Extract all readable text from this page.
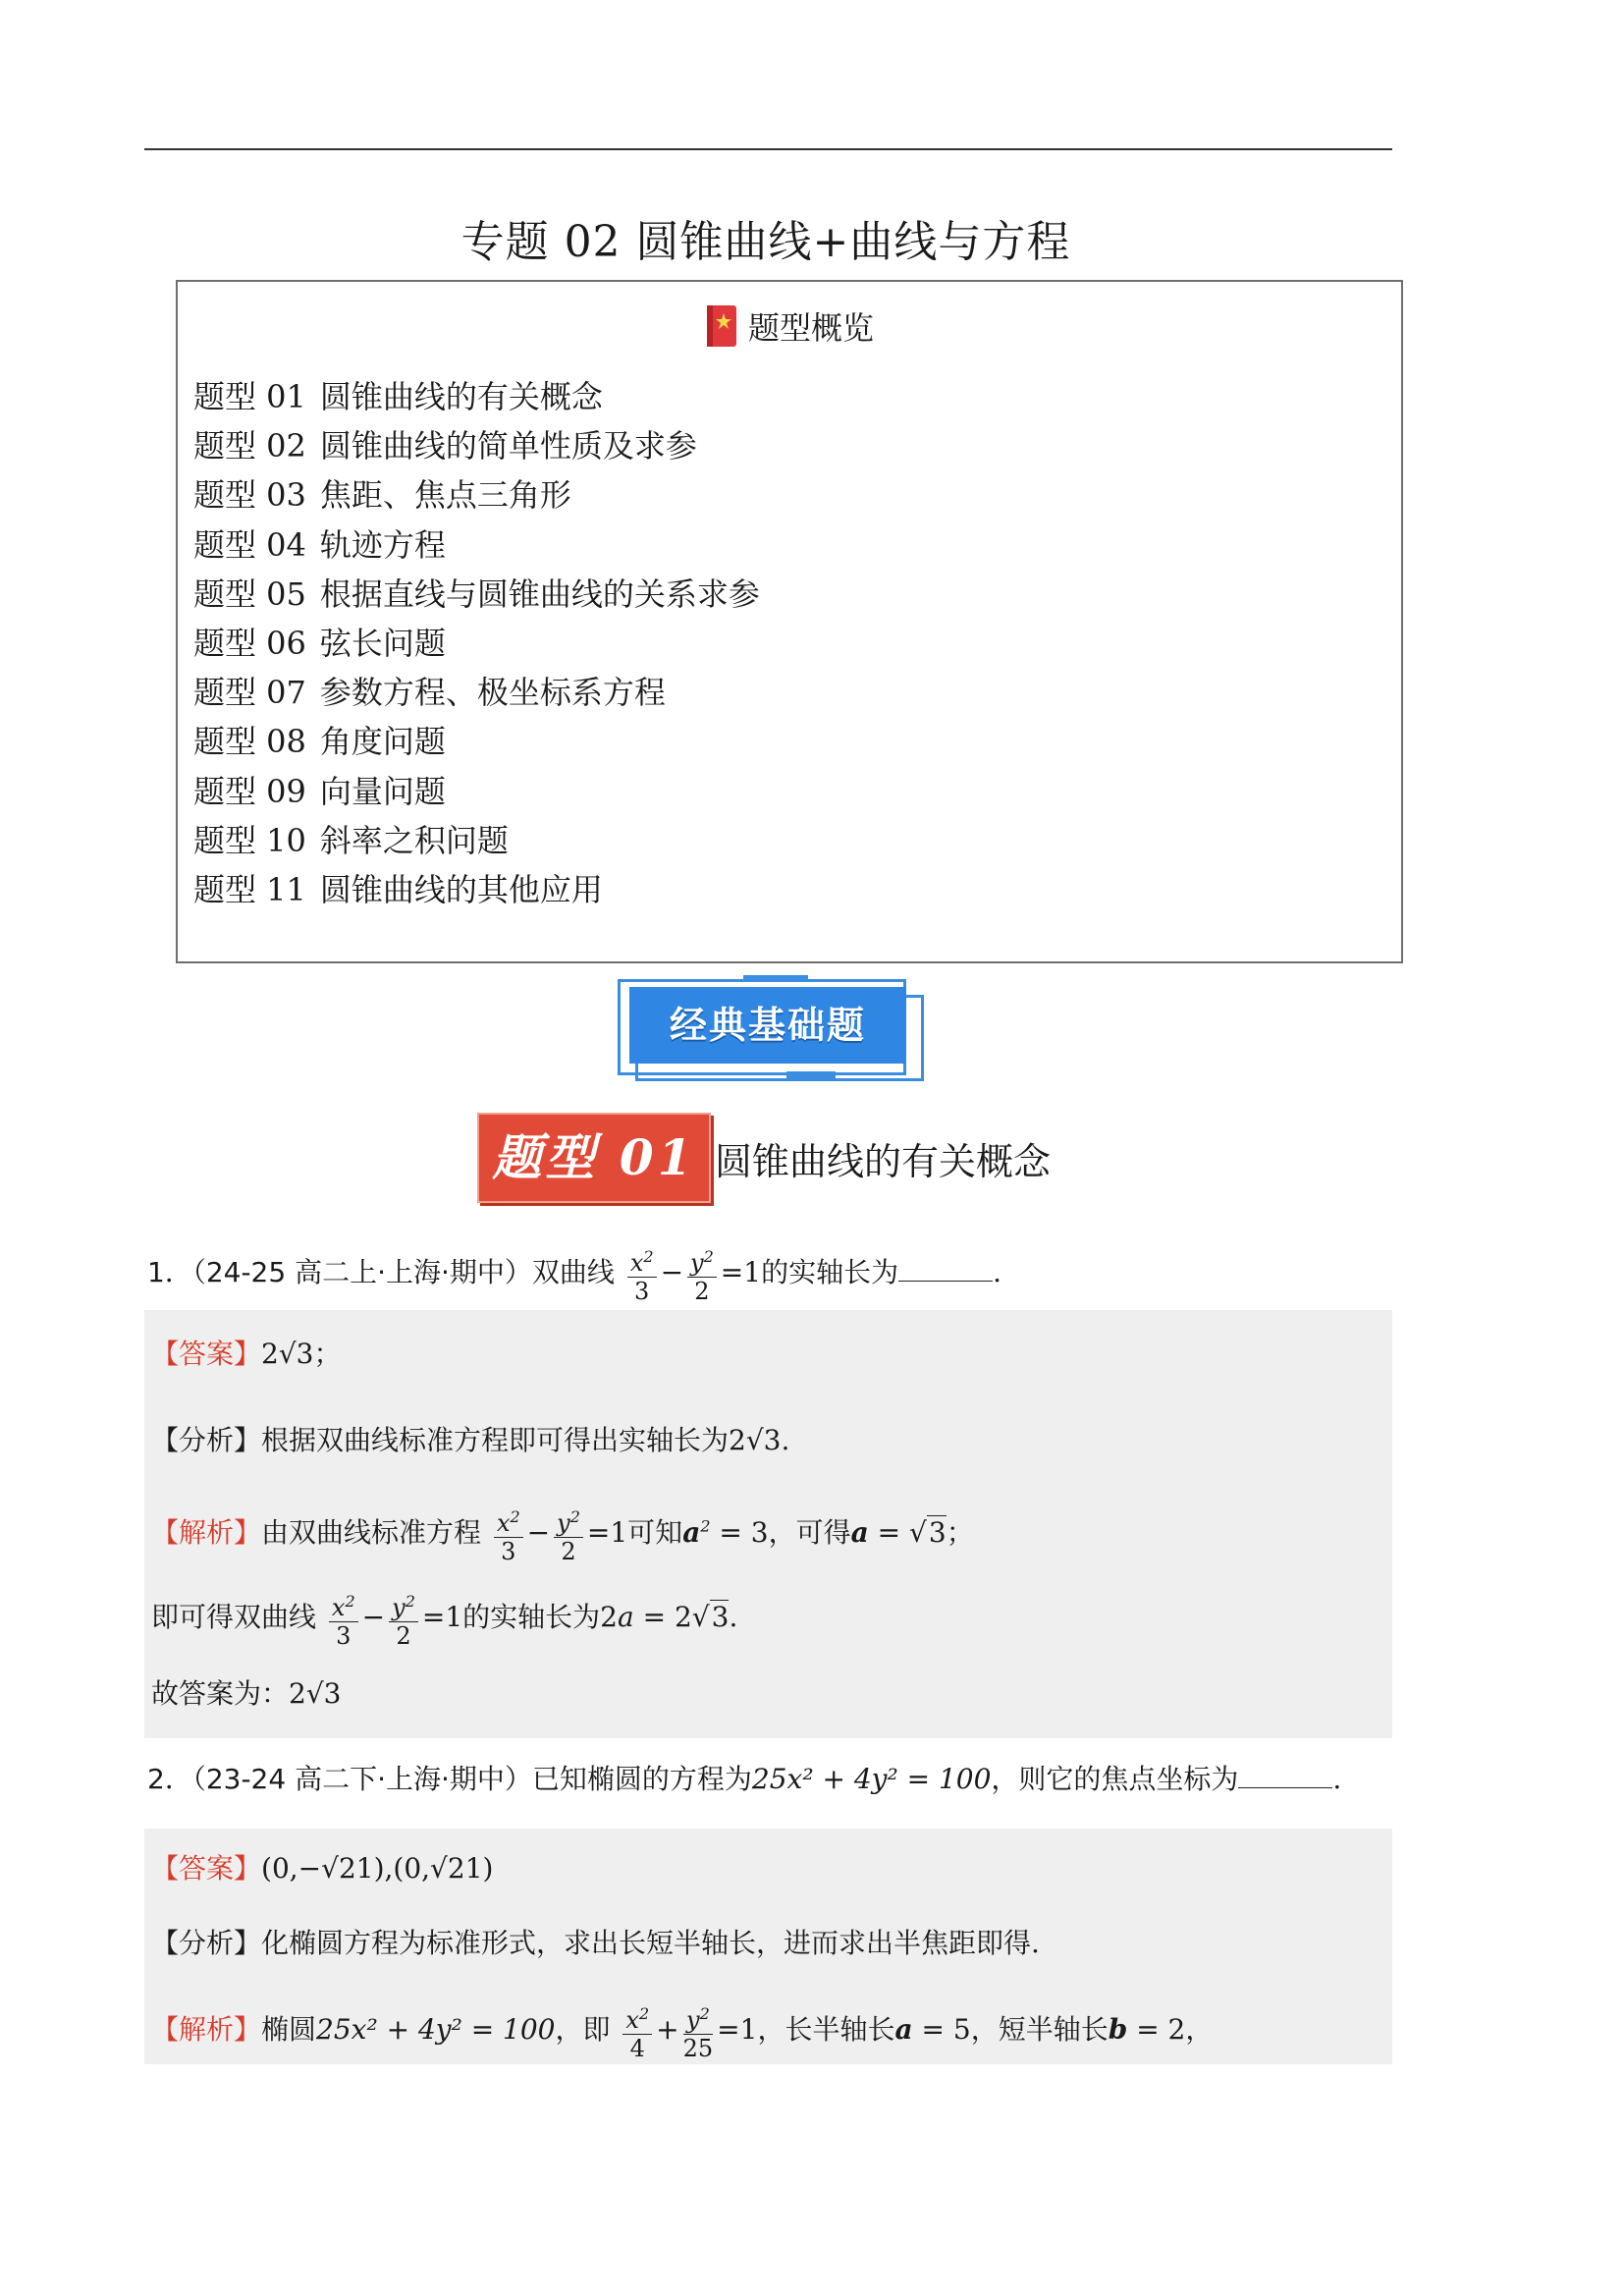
专题 02 圆锥曲线+曲线与方程
题型概览
题型 01 圆锥曲线的有关概念
题型 02 圆锥曲线的简单性质及求参
题型 03 焦距、焦点三角形
题型 04 轨迹方程
题型 05 根据直线与圆锥曲线的关系求参
题型 06 弦长问题
题型 07 参数方程、极坐标系方程
题型 08 角度问题
题型 09 向量问题
题型 10 斜率之积问题
题型 11 圆锥曲线的其他应用
经典基础题
题型 01 圆锥曲线的有关概念
1．（24-25 高二上·上海·期中）双曲线 $\frac{x^2}{3} - \frac{y^2}{2} =1$的实轴长为	.
【答案】2√3；
【分析】根据双曲线标准方程即可得出实轴长为2√3.
【解析】由双曲线标准方程 $\frac{x^2}{3} - \frac{y^2}{2} =1$可知$a^2 = 3$，可得a = √3；
即可得双曲线 $\frac{x^2}{3} - \frac{y^2}{2} =1$的实轴长为2a = 2√3.
故答案为：2√3
2．（23-24 高二下·上海·期中）已知椭圆的方程为25x² + 4y² = 100，则它的焦点坐标为	.
【答案】(0,−√21),(0,√21)
【分析】化椭圆方程为标准形式，求出长短半轴长，进而求出半焦距即得.
【解析】椭圆25x² + 4y² = 100，即 $\frac{x^2}{4} + \frac{y^2}{25} =1$，长半轴长a = 5，短半轴长b = 2，
